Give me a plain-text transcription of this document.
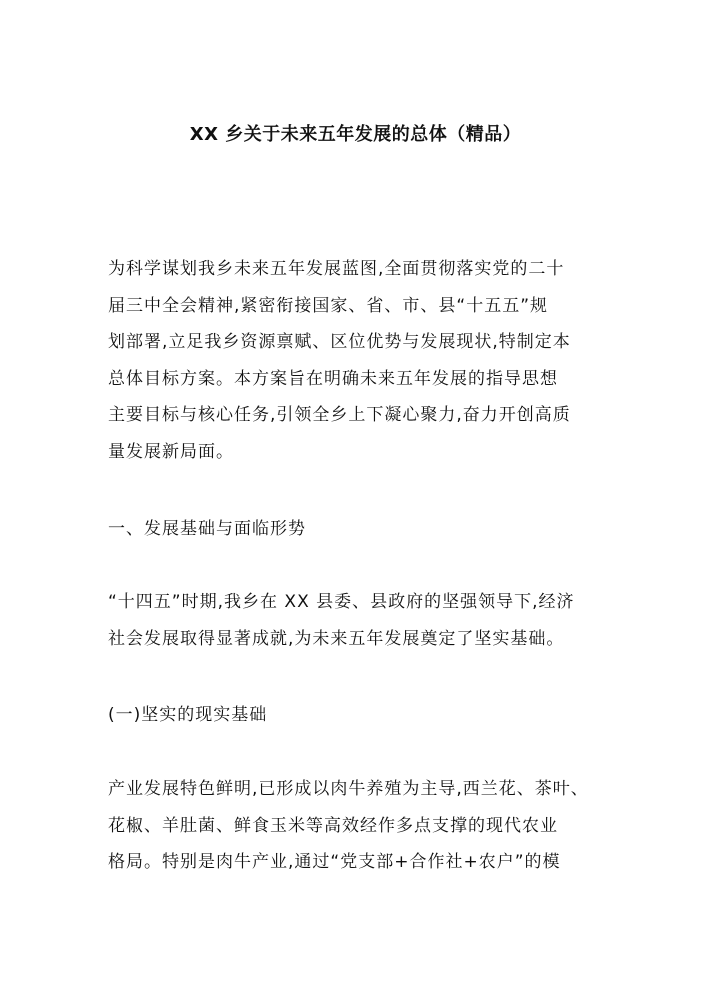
XX 乡关于未来五年发展的总体（精品）
为科学谋划我乡未来五年发展蓝图,全面贯彻落实党的二十
届三中全会精神,紧密衔接国家、省、市、县“十五五”规
划部署,立足我乡资源禀赋、区位优势与发展现状,特制定本
总体目标方案。本方案旨在明确未来五年发展的指导思想
主要目标与核心任务,引领全乡上下凝心聚力,奋力开创高质
量发展新局面。
一、发展基础与面临形势
“十四五”时期,我乡在 XX 县委、县政府的坚强领导下,经济
社会发展取得显著成就,为未来五年发展奠定了坚实基础。
(一)坚实的现实基础
产业发展特色鲜明,已形成以肉牛养殖为主导,西兰花、茶叶、
花椒、羊肚菌、鲜食玉米等高效经作多点支撑的现代农业
格局。特别是肉牛产业,通过“党支部+合作社+农户”的模
